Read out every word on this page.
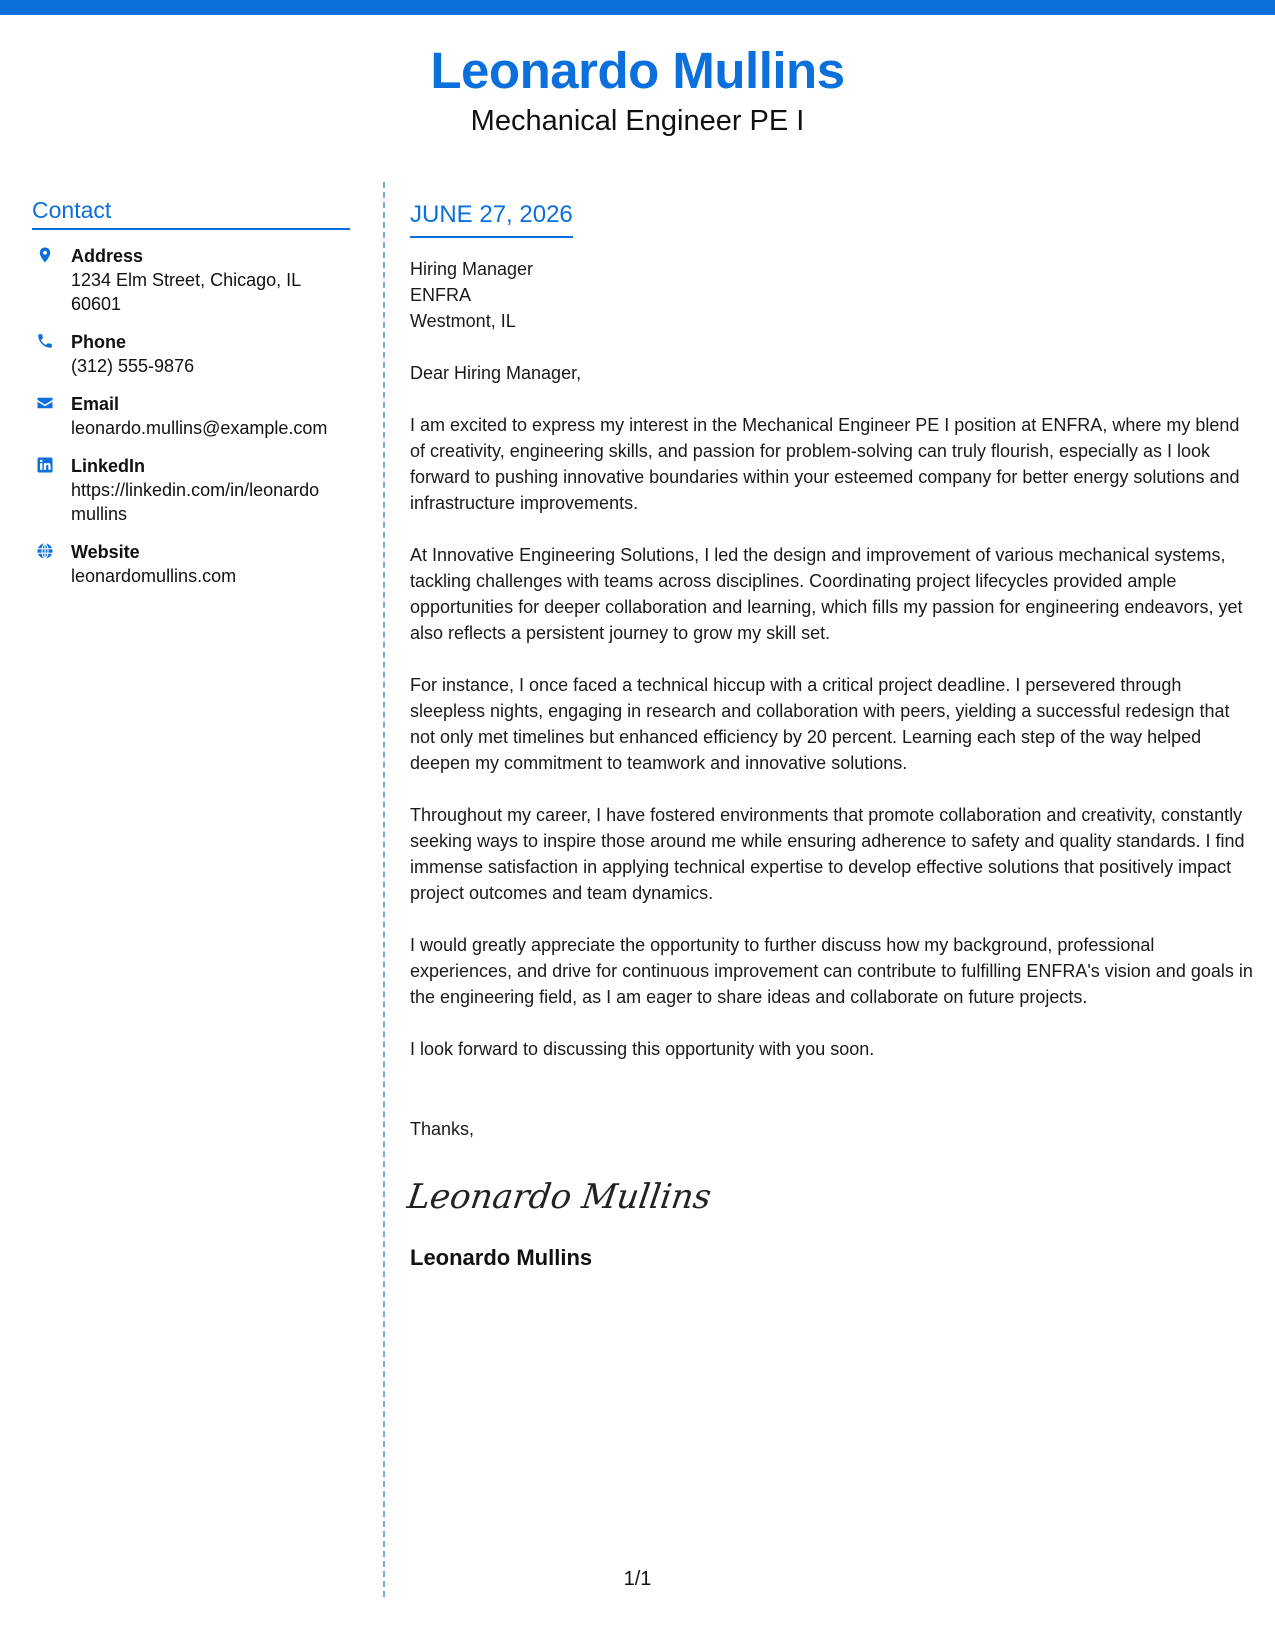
Leonardo Mullins
Mechanical Engineer PE I
Contact
Address
1234 Elm Street, Chicago, IL 60601
Phone
(312) 555-9876
Email
leonardo.mullins@example.com
LinkedIn
https://linkedin.com/in/leonardo mullins
Website
leonardomullins.com
JUNE 27, 2026
Hiring Manager
ENFRA
Westmont, IL
Dear Hiring Manager,
I am excited to express my interest in the Mechanical Engineer PE I position at ENFRA, where my blend of creativity, engineering skills, and passion for problem-solving can truly flourish, especially as I look forward to pushing innovative boundaries within your esteemed company for better energy solutions and infrastructure improvements.
At Innovative Engineering Solutions, I led the design and improvement of various mechanical systems, tackling challenges with teams across disciplines. Coordinating project lifecycles provided ample opportunities for deeper collaboration and learning, which fills my passion for engineering endeavors, yet also reflects a persistent journey to grow my skill set.
For instance, I once faced a technical hiccup with a critical project deadline. I persevered through sleepless nights, engaging in research and collaboration with peers, yielding a successful redesign that not only met timelines but enhanced efficiency by 20 percent. Learning each step of the way helped deepen my commitment to teamwork and innovative solutions.
Throughout my career, I have fostered environments that promote collaboration and creativity, constantly seeking ways to inspire those around me while ensuring adherence to safety and quality standards. I find immense satisfaction in applying technical expertise to develop effective solutions that positively impact project outcomes and team dynamics.
I would greatly appreciate the opportunity to further discuss how my background, professional experiences, and drive for continuous improvement can contribute to fulfilling ENFRA's vision and goals in the engineering field, as I am eager to share ideas and collaborate on future projects.
I look forward to discussing this opportunity with you soon.
Thanks,
Leonardo Mullins
Leonardo Mullins
1/1
